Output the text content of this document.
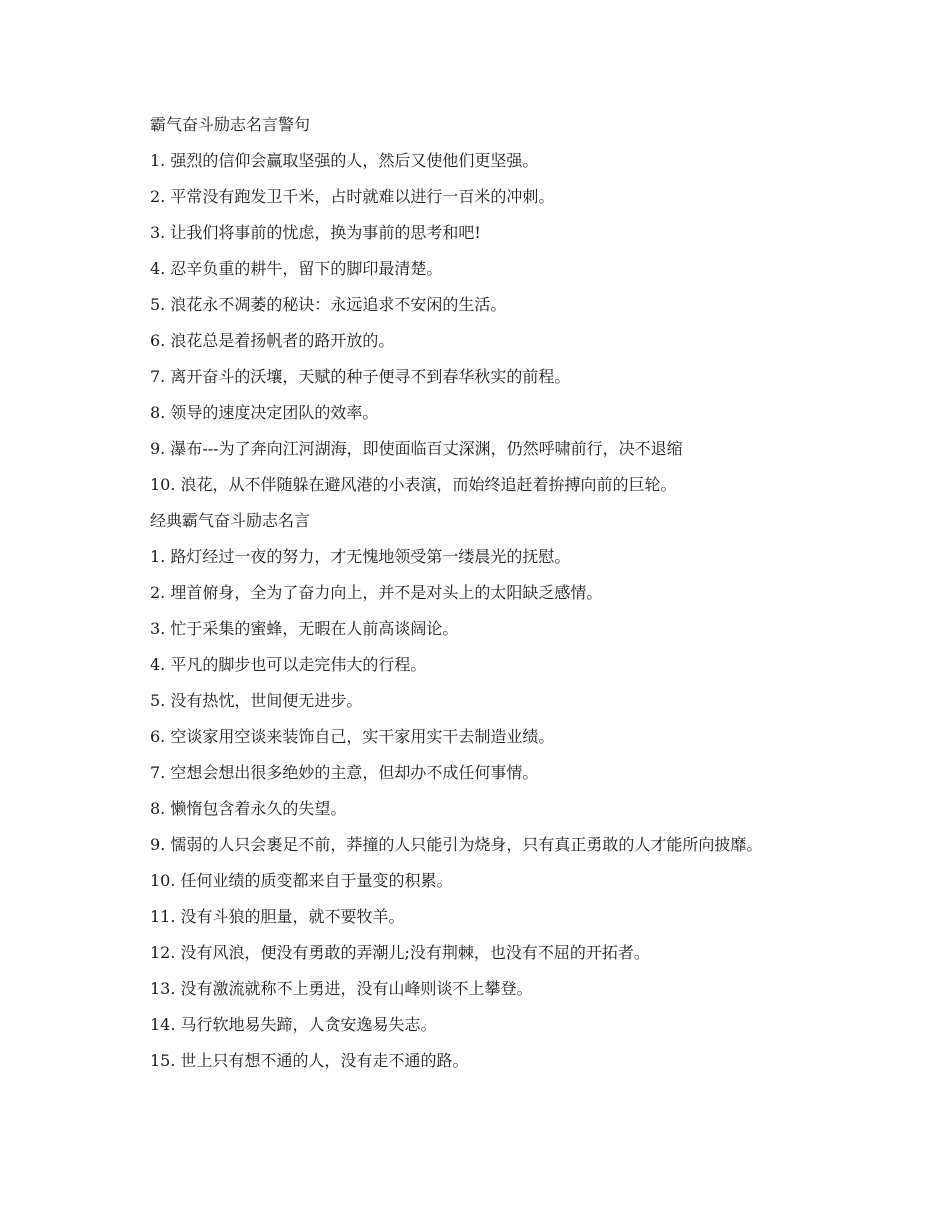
霸气奋斗励志名言警句

1. 强烈的信仰会赢取坚强的人，然后又使他们更坚强。

2. 平常没有跑发卫千米，占时就难以进行一百米的冲刺。

3. 让我们将事前的忧虑，换为事前的思考和吧!

4. 忍辛负重的耕牛，留下的脚印最清楚。

5. 浪花永不凋萎的秘诀：永远追求不安闲的生活。

6. 浪花总是着扬帆者的路开放的。

7. 离开奋斗的沃壤，天赋的种子便寻不到春华秋实的前程。

8. 领导的速度决定团队的效率。

9. 瀑布---为了奔向江河湖海，即使面临百丈深渊，仍然呼啸前行，决不退缩

10. 浪花，从不伴随躲在避风港的小表演，而始终追赶着拚搏向前的巨轮。

经典霸气奋斗励志名言

1. 路灯经过一夜的努力，才无愧地领受第一缕晨光的抚慰。

2. 埋首俯身，全为了奋力向上，并不是对头上的太阳缺乏感情。

3. 忙于采集的蜜蜂，无暇在人前高谈阔论。

4. 平凡的脚步也可以走完伟大的行程。

5. 没有热忱，世间便无进步。

6. 空谈家用空谈来装饰自己，实干家用实干去制造业绩。

7. 空想会想出很多绝妙的主意，但却办不成任何事情。

8. 懒惰包含着永久的失望。

9. 懦弱的人只会裹足不前，莽撞的人只能引为烧身，只有真正勇敢的人才能所向披靡。

10. 任何业绩的质变都来自于量变的积累。

11. 没有斗狼的胆量，就不要牧羊。

12. 没有风浪，便没有勇敢的弄潮儿;没有荆棘，也没有不屈的开拓者。

13. 没有激流就称不上勇进，没有山峰则谈不上攀登。

14. 马行软地易失蹄，人贪安逸易失志。

15. 世上只有想不通的人，没有走不通的路。
